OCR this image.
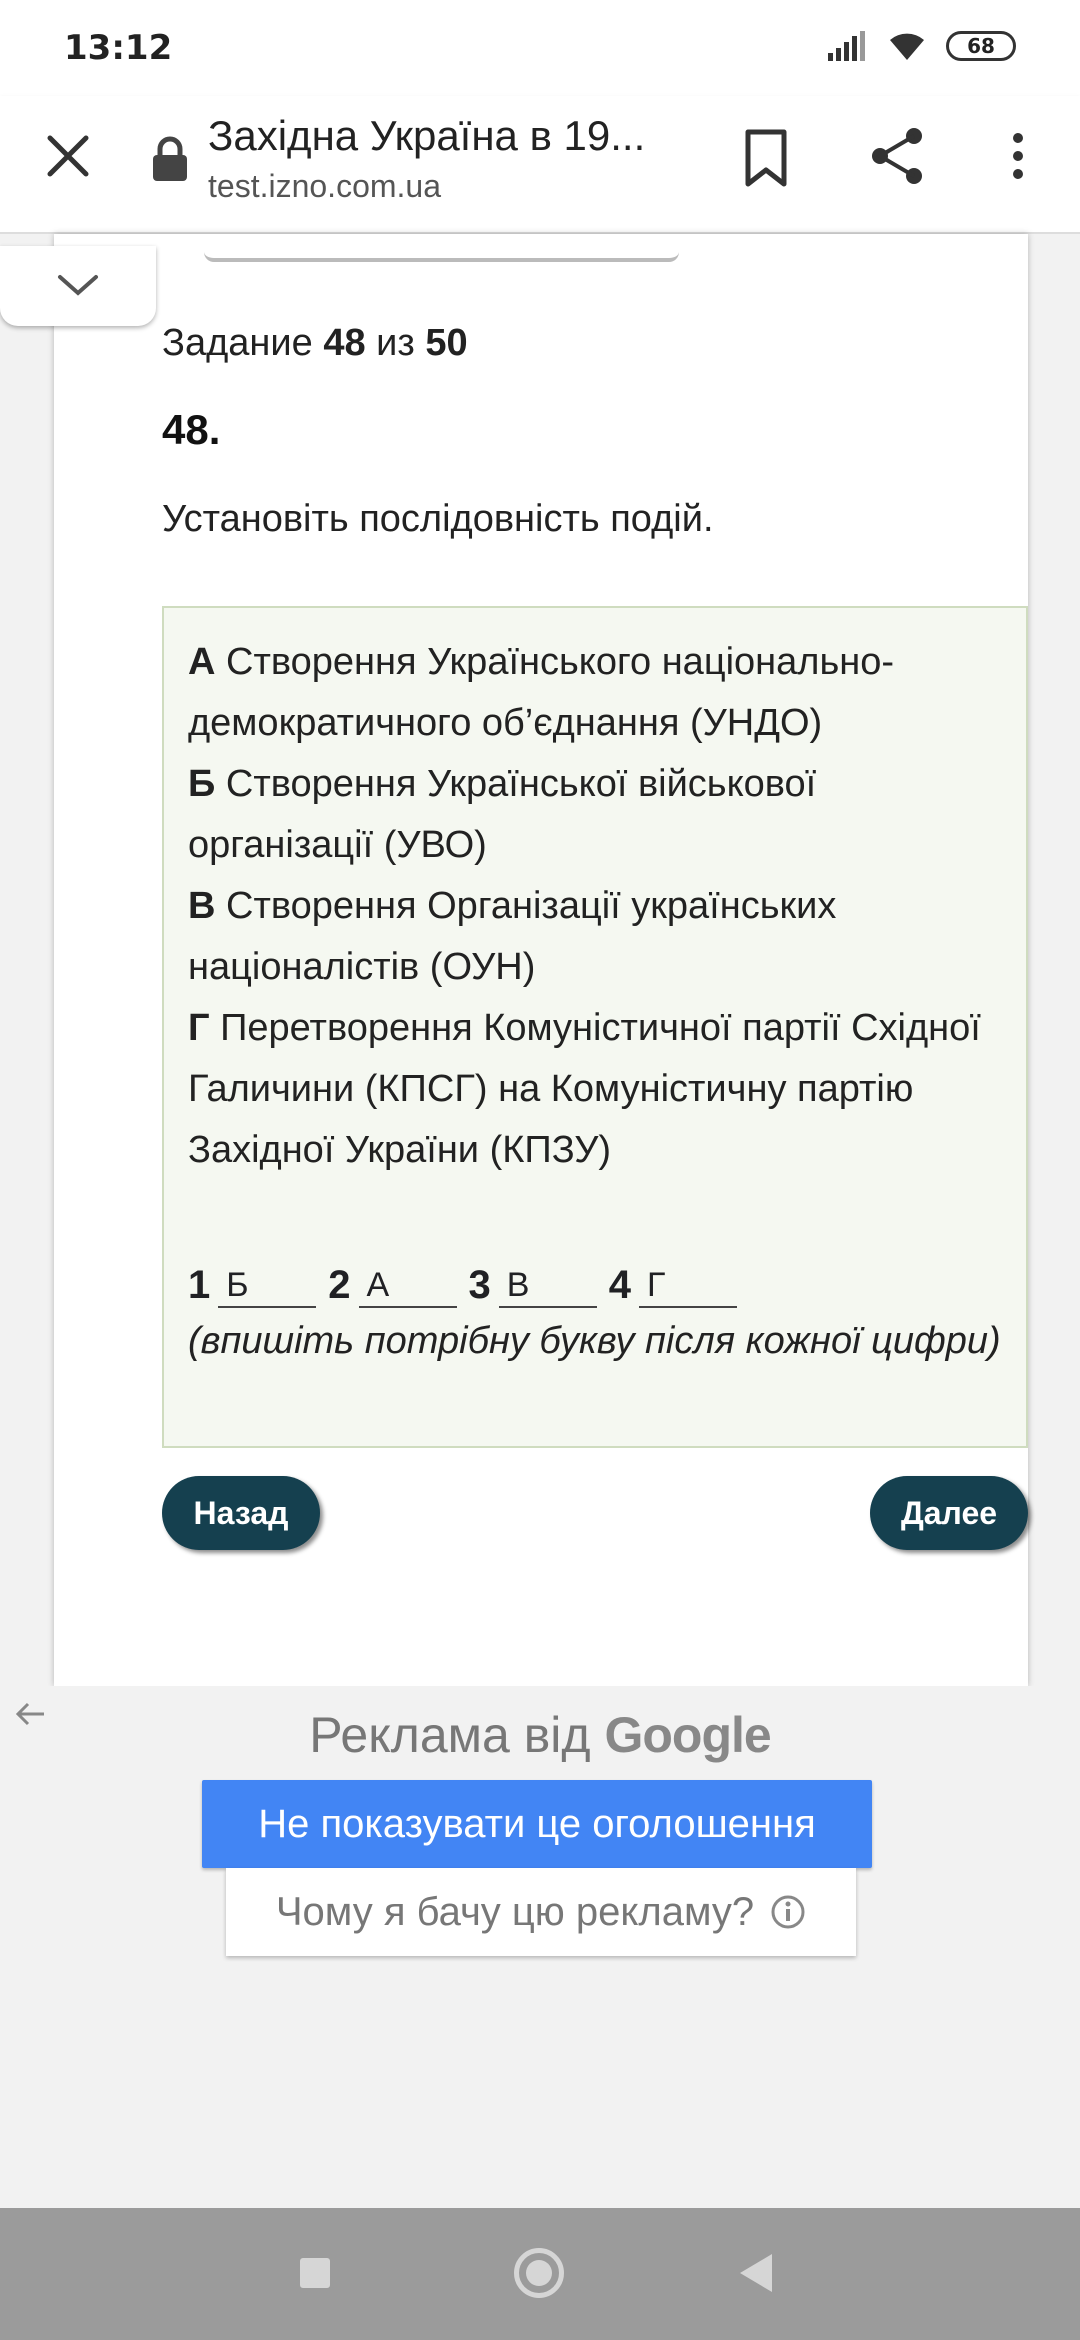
13:12	68
Західна Україна в 19...
test.izno.com.ua
Задание 48 из 50
48.
Установіть послідовність подій.
А Створення Українського національно-демократичного об’єднання (УНДО)
Б Створення Української військової організації (УВО)
В Створення Організації українських націоналістів (ОУН)
Г Перетворення Комуністичної партії Східної Галичини (КПСГ) на Комуністичну партію Західної України (КПЗУ)
1 Б	2 А	3 В	4 Г
(впишіть потрібну букву після кожної цифри)
Назад	Далее
Реклама від Google
Не показувати це оголошення
Чому я бачу цю рекламу?
